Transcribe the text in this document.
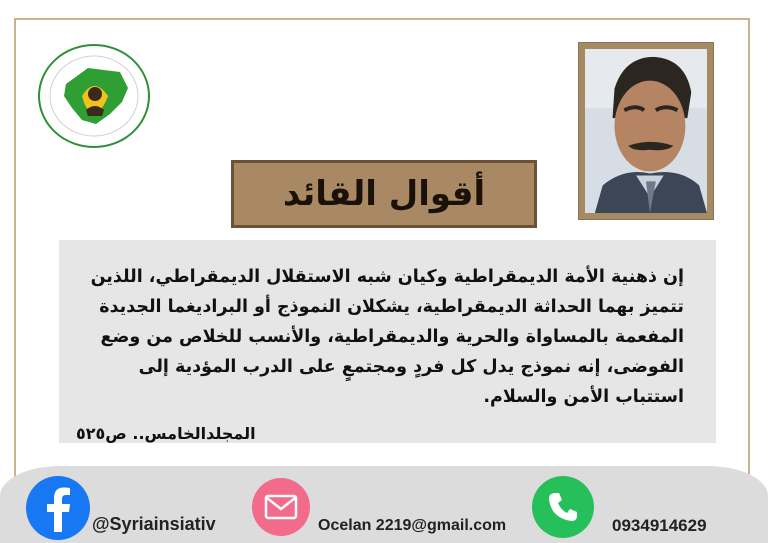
أقوال القائد
إن ذهنية الأمة الديمقراطية وكيان شبه الاستقلال الديمقراطي، اللذين
تتميز بهما الحداثة الديمقراطية، يشكلان النموذج أو البراديغما الجديدة
المفعمة بالمساواة والحرية والديمقراطية، والأنسب للخلاص من وضع
الفوضى، إنه نموذج يدل كل فردٍ ومجتمعٍ على الدرب المؤدية إلى
استتباب الأمن والسلام.
المجلدالخامس.. ص٥٢٥
@Syriainsiativ	Ocelan 2219@gmail.com	0934914629
